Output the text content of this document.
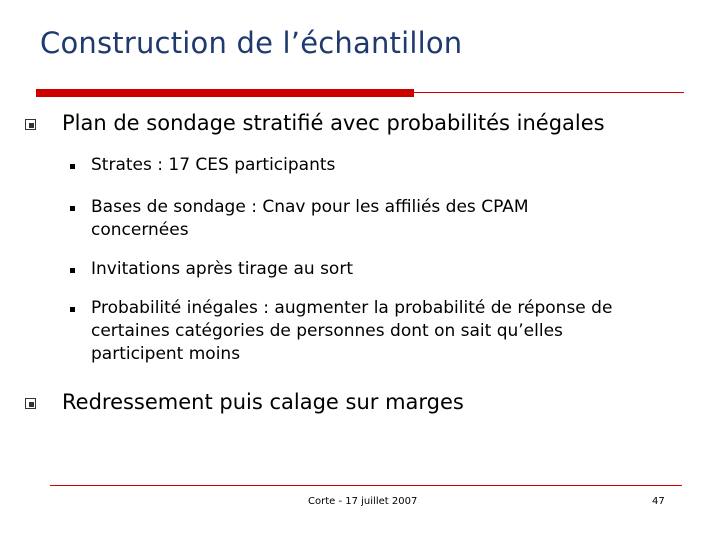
Construction de l’échantillon
Plan de sondage stratifié avec probabilités inégales
Strates : 17 CES participants
Bases de sondage : Cnav pour les affiliés des CPAM concernées
Invitations après tirage au sort
Probabilité inégales : augmenter la probabilité de réponse de certaines catégories de personnes dont on sait qu’elles participent moins
Redressement puis calage sur marges
Corte - 17 juillet 2007	47
